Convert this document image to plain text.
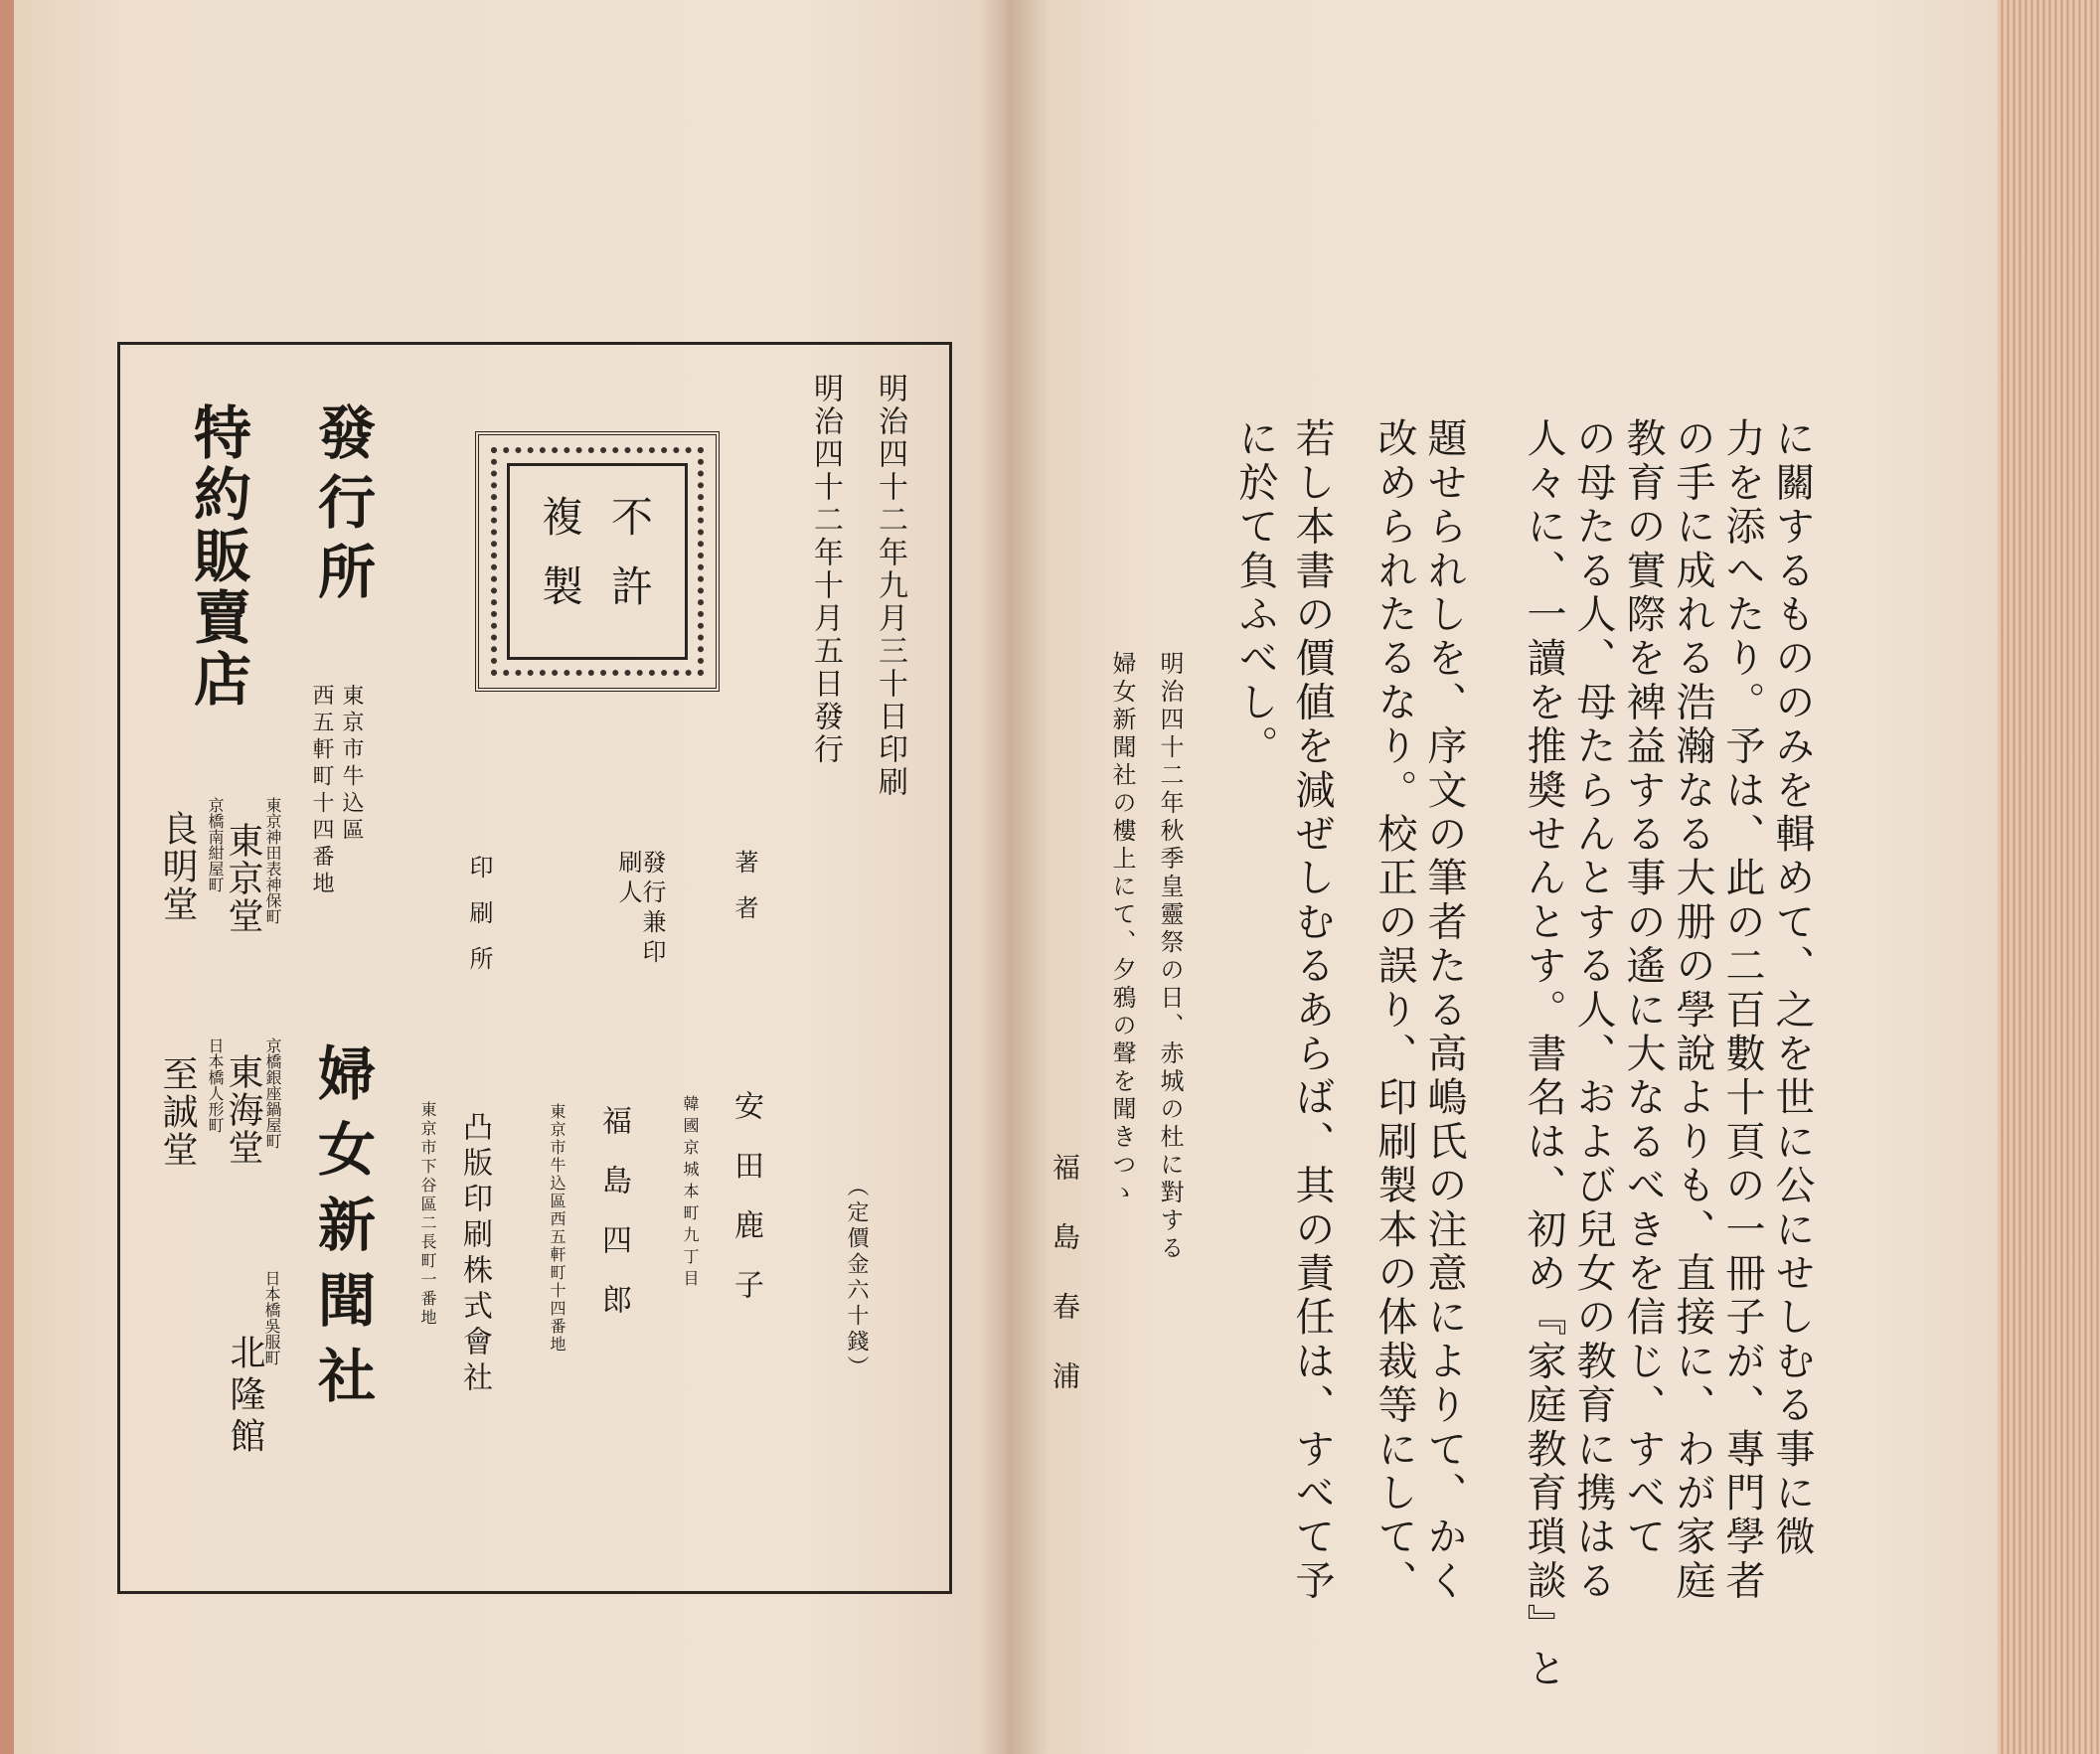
明治四十二年九月三十日印刷
明治四十二年十月五日發行
（定價金六十錢）
不許
複製
著者
韓國京城本町九丁目 安田鹿子
發行兼印刷人
東京市牛込區西五軒町十四番地 福島四郎
印刷所
東京市下谷區二長町一番地 凸版印刷株式會社
發行所
東京市牛込區
西五軒町十四番地
婦女新聞社
特約販賣店
東京神田表神保町
東京堂
京橋銀座鍋屋町
東海堂
日本橋吳服町
北隆館
京橋南紺屋町
良明堂
日本橋人形町
至誠堂	に關するもののみを輯めて、之を世に公にせしむる事に微
力を添へたり。予は、此の二百數十頁の一冊子が、專門學者
の手に成れる浩瀚なる大册の學說よりも、直接に、わが家庭
教育の實際を裨益する事の遙に大なるべきを信じ、すべて
の母たる人、母たらんとする人、および兒女の教育に携はる
人々に、一讀を推奬せんとす。書名は、初め『家庭教育瑣談』と
題せられしを、序文の筆者たる高嶋氏の注意によりて、かく
改められたるなり。校正の誤り、印刷製本の体裁等にして、
若し本書の價値を減ぜしむるあらば、其の責任は、すべて予
に於て負ふべし。
明治四十二年秋季皇靈祭の日、赤城の杜に對する
婦女新聞社の樓上にて、夕鴉の聲を聞きつゝ
福島春浦
